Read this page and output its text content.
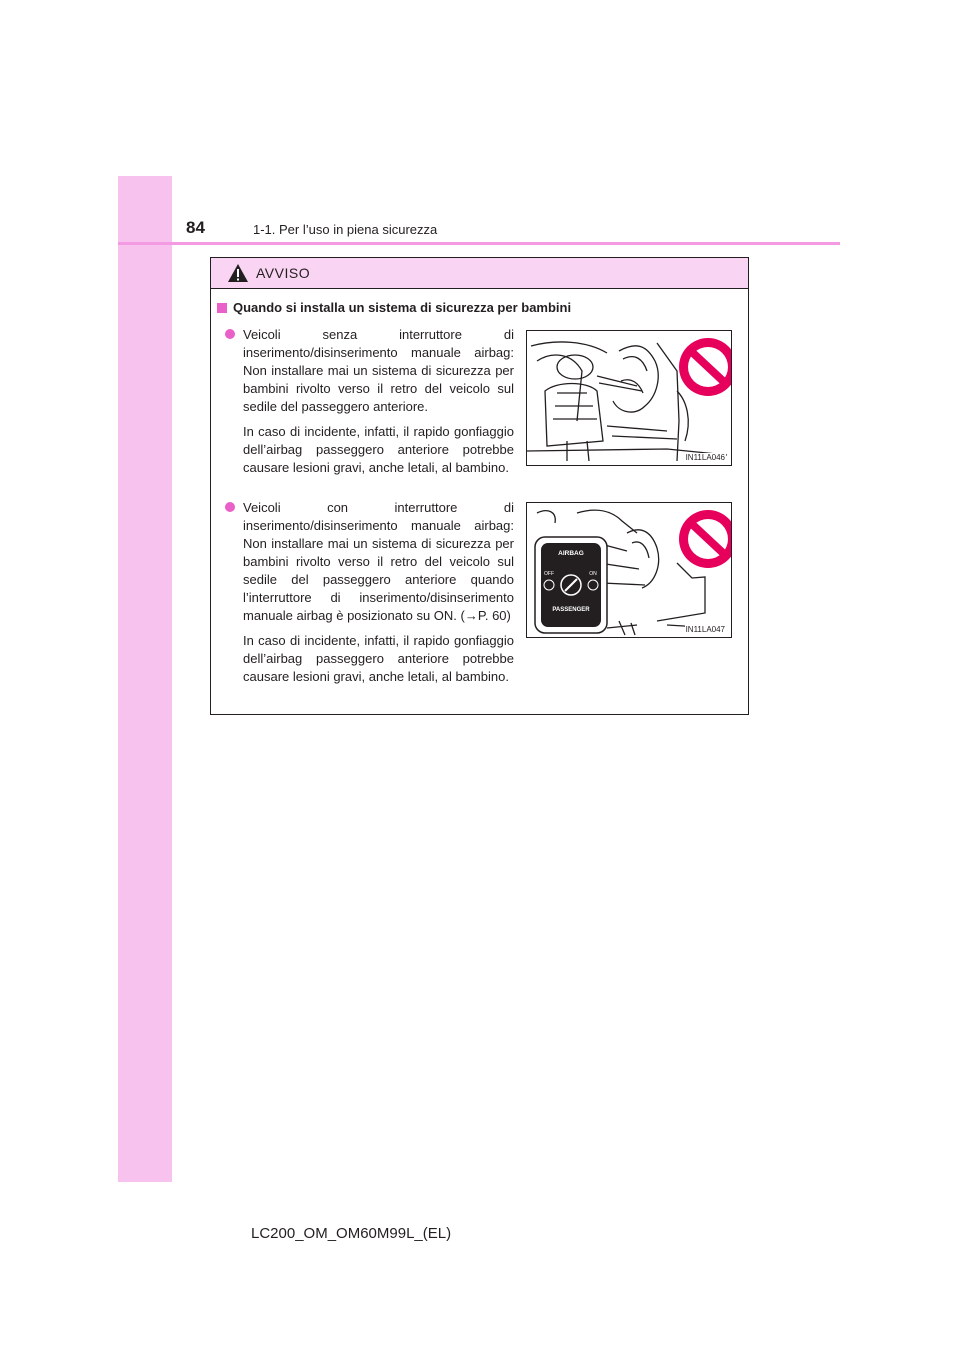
84	1-1. Per l’uso in piena sicurezza
AVVISO
Quando si installa un sistema di sicurezza per bambini

Veicoli senza interruttore di inserimento/disinserimento manuale airbag: Non installare mai un sistema di sicurezza per bambini rivolto verso il retro del veicolo sul sedile del passeggero anteriore.

In caso di incidente, infatti, il rapido gonfiaggio dell’airbag passeggero anteriore potrebbe causare lesioni gravi, anche letali, al bambino.

IN11LA046

Veicoli con interruttore di inserimento/disinserimento manuale airbag: Non installare mai un sistema di sicurezza per bambini rivolto verso il retro del veicolo sul sedile del passeggero anteriore quando l’interruttore di inserimento/disinserimento manuale airbag è posizionato su ON. (→P. 60)

In caso di incidente, infatti, il rapido gonfiaggio dell’airbag passeggero anteriore potrebbe causare lesioni gravi, anche letali, al bambino.

AIRBAG
OFF	ON
PASSENGER
IN11LA047
LC200_OM_OM60M99L_(EL)
